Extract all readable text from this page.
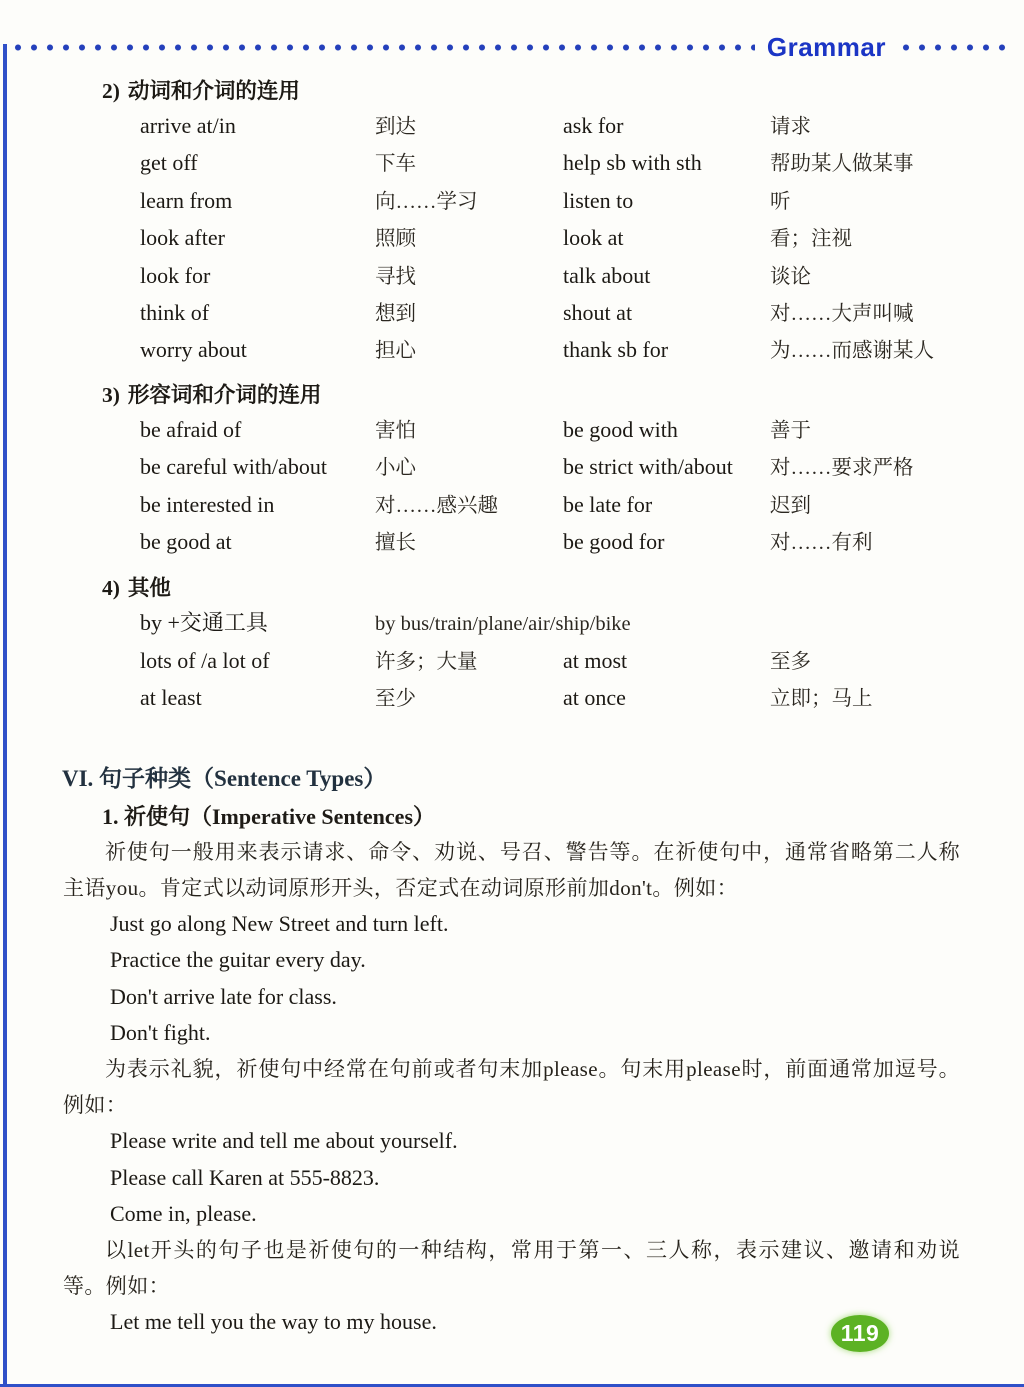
Grammar
2) 动词和介词的连用
arrive at/in	到达	ask for	请求
get off	下车	help sb with sth	帮助某人做某事
learn from	向……学习	listen to	听
look after	照顾	look at	看；注视
look for	寻找	talk about	谈论
think of	想到	shout at	对……大声叫喊
worry about	担心	thank sb for	为……而感谢某人
3) 形容词和介词的连用
be afraid of	害怕	be good with	善于
be careful with/about	小心	be strict with/about	对……要求严格
be interested in	对……感兴趣	be late for	迟到
be good at	擅长	be good for	对……有利
4) 其他
by +交通工具	by bus/train/plane/air/ship/bike
lots of /a lot of	许多；大量	at most	至多
at least	至少	at once	立即；马上
VI. 句子种类（Sentence Types）
1. 祈使句（Imperative Sentences）

祈使句一般用来表示请求、命令、劝说、号召、警告等。在祈使句中，通常省略第二人称主语you。肯定式以动词原形开头，否定式在动词原形前加don't。例如：

Just go along New Street and turn left.
Practice the guitar every day.
Don't arrive late for class.
Don't fight.

为表示礼貌，祈使句中经常在句前或者句末加please。句末用please时，前面通常加逗号。例如：

Please write and tell me about yourself.
Please call Karen at 555-8823.
Come in, please.

以let开头的句子也是祈使句的一种结构，常用于第一、三人称，表示建议、邀请和劝说等。例如：

Let me tell you the way to my house.	119
